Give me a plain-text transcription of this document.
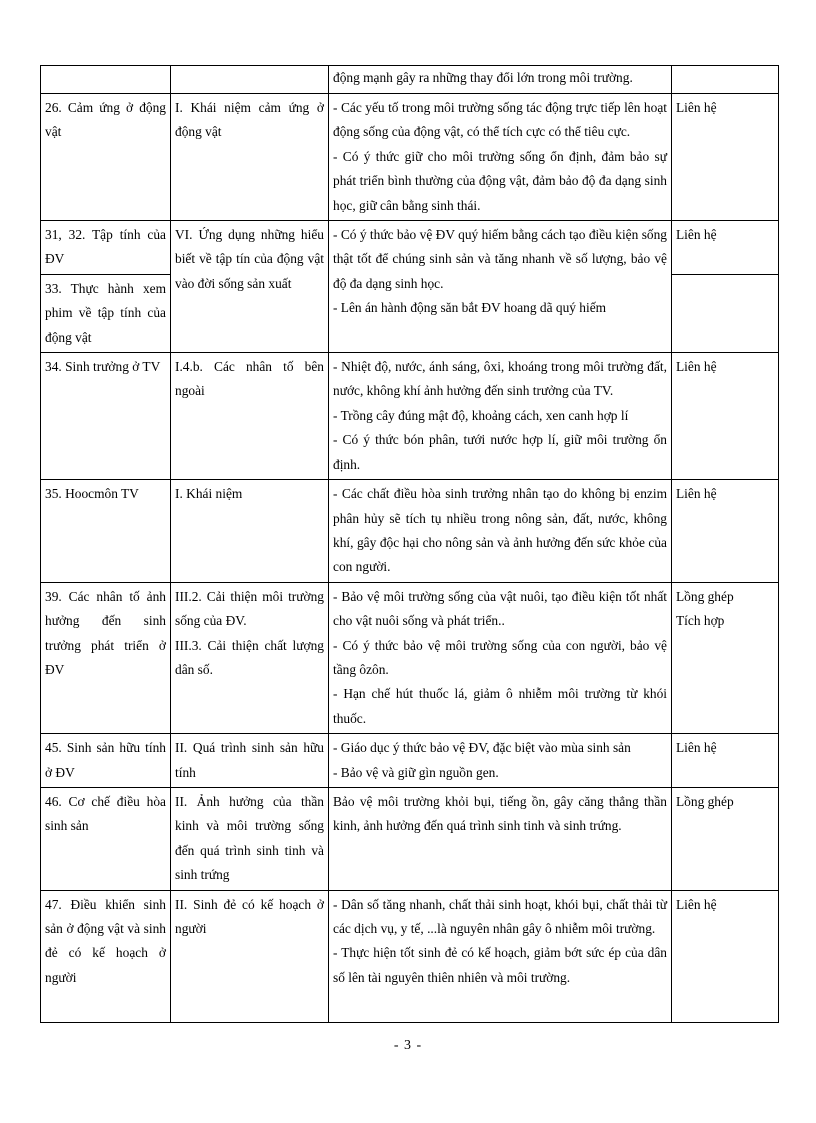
		động mạnh gây ra những thay đổi lớn trong môi trường.	

26. Cảm ứng ở động vật	I. Khái niệm cảm ứng ở động vật	- Các yếu tố trong môi trường sống tác động trực tiếp lên hoạt động sống của động vật, có thể tích cực có thể tiêu cực.
- Có ý thức giữ cho môi trường sống ổn định, đảm bảo sự phát triển bình thường của động vật, đảm bảo độ đa dạng sinh học, giữ cân bằng sinh thái.	Liên hệ

31, 32. Tập tính của ĐV	VI. Ứng dụng những hiểu biết về tập tín của động vật vào đời sống sản xuất	- Có ý thức bảo vệ ĐV quý hiếm bằng cách tạo điều kiện sống thật tốt để chúng sinh sản và tăng nhanh về số lượng, bảo vệ độ đa dạng sinh học.
- Lên án hành động săn bắt ĐV hoang dã quý hiếm	Liên hệ

33. Thực hành xem phim về tập tính của động vật			
34. Sinh trưởng ở TV	I.4.b. Các nhân tố bên ngoài	- Nhiệt độ, nước, ánh sáng, ôxi, khoáng trong môi trường đất, nước, không khí ảnh hưởng đến sinh trưởng của TV.
- Trồng cây đúng mật độ, khoảng cách, xen canh hợp lí
- Có ý thức bón phân, tưới nước hợp lí, giữ môi trường ổn định.	Liên hệ

35. Hoocmôn TV	I. Khái niệm	- Các chất điều hòa sinh trưởng nhân tạo do không bị enzim phân hủy sẽ tích tụ nhiều trong nông sản, đất, nước, không khí, gây độc hại cho nông sản và ảnh hưởng đến sức khỏe của con người.	Liên hệ

39. Các nhân tố ảnh hưởng đến sinh trưởng phát triển ở ĐV	III.2. Cải thiện môi trường sống của ĐV.
III.3. Cải thiện chất lượng dân số.	- Bảo vệ môi trường sống của vật nuôi, tạo điều kiện tốt nhất cho vật nuôi sống và phát triển..
- Có ý thức bảo vệ môi trường sống của con người, bảo vệ tầng ôzôn.
- Hạn chế hút thuốc lá, giảm ô nhiễm môi trường từ khói thuốc.	Lồng ghép
Tích hợp

45. Sinh sản hữu tính ở ĐV	II. Quá trình sinh sản hữu tính	- Giáo dục ý thức bảo vệ ĐV, đặc biệt vào mùa sinh sản
- Bảo vệ và giữ gìn nguồn gen.	Liên hệ

46. Cơ chế điều hòa sinh sản	II. Ảnh hưởng của thần kinh và môi trường sống đến quá trình sinh tinh và sinh trứng	Bảo vệ môi trường khỏi bụi, tiếng ồn, gây căng thẳng thần kinh, ảnh hưởng đến quá trình sinh tinh và sinh trứng.	Lồng ghép

47. Điều khiển sinh sản ở động vật và sinh đẻ có kế hoạch ở người	II. Sinh đẻ có kế hoạch ở người	- Dân số tăng nhanh, chất thải sinh hoạt, khói bụi, chất thải từ các dịch vụ, y tế, ...là nguyên nhân gây ô nhiễm môi trường.
- Thực hiện tốt sinh đẻ có kế hoạch, giảm bớt sức ép của dân số lên tài nguyên thiên nhiên và môi trường.	Liên hệ
- 3 -
